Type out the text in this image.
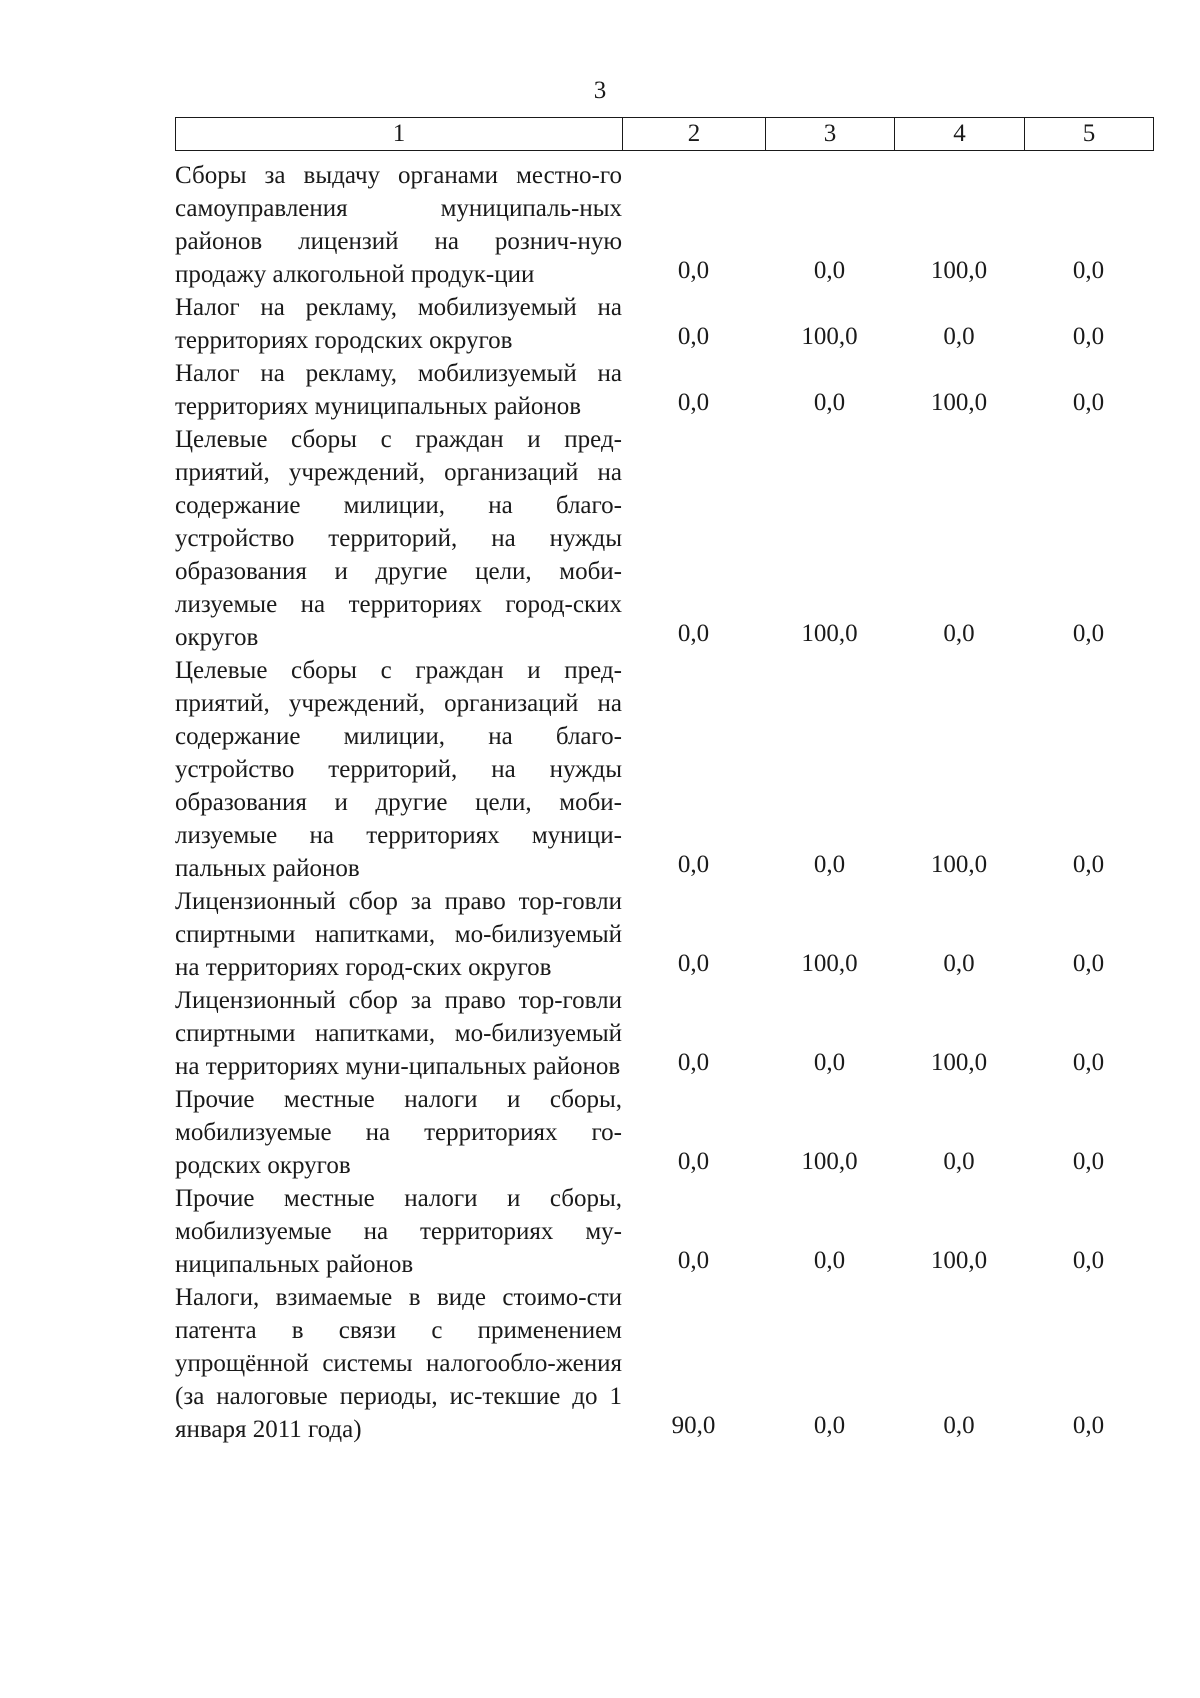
3
1	2	3	4	5
Сборы за выдачу органами местно-го самоуправления муниципаль-ных районов лицензий на рознич-ную продажу алкогольной продук-ции	0,0	0,0	100,0	0,0

Налог на рекламу, мобилизуемый на территориях городских округов	0,0	100,0	0,0	0,0

Налог на рекламу, мобилизуемый на территориях муниципальных районов	0,0	0,0	100,0	0,0

Целевые сборы с граждан и пред-приятий, учреждений, организаций на содержание милиции, на благо-устройство территорий, на нужды образования и другие цели, моби-лизуемые на территориях город-ских округов	0,0	100,0	0,0	0,0

Целевые сборы с граждан и пред-приятий, учреждений, организаций на содержание милиции, на благо-устройство территорий, на нужды образования и другие цели, моби-лизуемые на территориях муници-пальных районов	0,0	0,0	100,0	0,0

Лицензионный сбор за право тор-говли спиртными напитками, мо-билизуемый на территориях город-ских округов	0,0	100,0	0,0	0,0

Лицензионный сбор за право тор-говли спиртными напитками, мо-билизуемый на территориях муни-ципальных районов	0,0	0,0	100,0	0,0

Прочие местные налоги и сборы, мобилизуемые на территориях го-родских округов	0,0	100,0	0,0	0,0

Прочие местные налоги и сборы, мобилизуемые на территориях му-ниципальных районов	0,0	0,0	100,0	0,0

Налоги, взимаемые в виде стоимо-сти патента в связи с применением упрощённой системы налогообло-жения (за налоговые периоды, ис-текшие до 1 января 2011 года)	90,0	0,0	0,0	0,0
